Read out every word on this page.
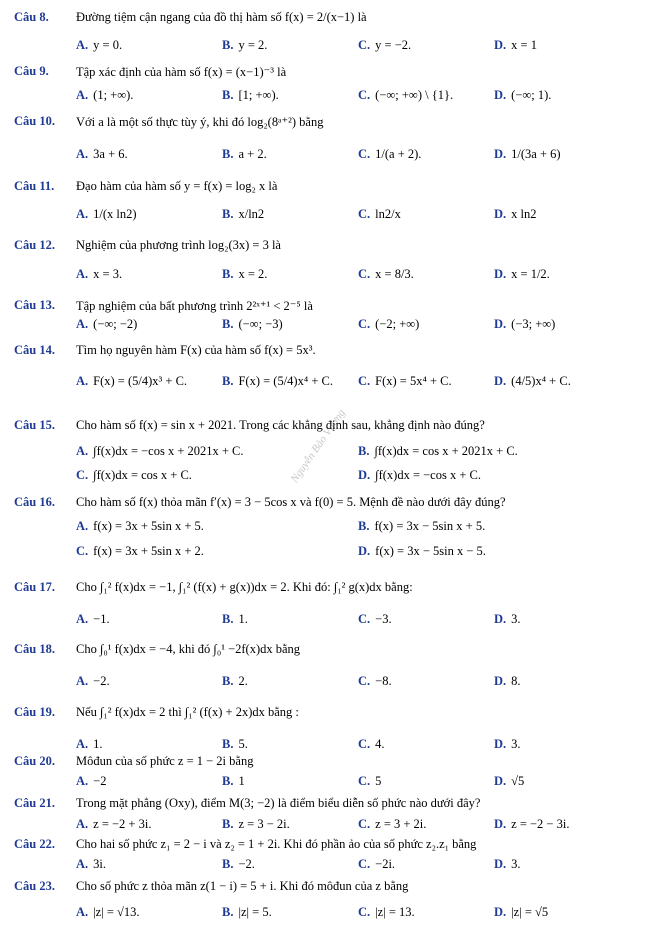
Nguyễn Bảo Vương
Câu 8. Đường tiệm cận ngang của đồ thị hàm số f(x) = 2/(x−1) là
A. y = 0.	B. y = 2.	C. y = −2.	D. x = 1
Câu 9. Tập xác định của hàm số f(x) = (x−1)⁻³ là
A. (1; +∞).	B. [1; +∞).	C. (−∞; +∞) \ {1}.	D. (−∞; 1).
Câu 10. Với a là một số thực tùy ý, khi đó log₂(8ᵃ⁺²) bằng
A. 3a + 6.	B. a + 2.	C. 1/(a + 2).	D. 1/(3a + 6)
Câu 11. Đạo hàm của hàm số y = f(x) = log₂ x là
A. 1/(x ln2)	B. x/ln2	C. ln2/x	D. x ln2
Câu 12. Nghiệm của phương trình log₂(3x) = 3 là
A. x = 3.	B. x = 2.	C. x = 8/3.	D. x = 1/2.
Câu 13. Tập nghiệm của bất phương trình 2²ˣ⁺¹ < 2⁻⁵ là
A. (−∞; −2)	B. (−∞; −3)	C. (−2; +∞)	D. (−3; +∞)
Câu 14. Tìm họ nguyên hàm F(x) của hàm số f(x) = 5x³.
A. F(x) = (5/4)x³ + C.	B. F(x) = (5/4)x⁴ + C. C. F(x) = 5x⁴ + C.	D. (4/5)x⁴ + C.
Câu 15. Cho hàm số f(x) = sin x + 2021. Trong các khẳng định sau, khẳng định nào đúng?
A. ∫f(x)dx = −cos x + 2021x + C.	B. ∫f(x)dx = cos x + 2021x + C.
C. ∫f(x)dx = cos x + C.	D. ∫f(x)dx = −cos x + C.
Câu 16. Cho hàm số f(x) thỏa mãn f′(x) = 3 − 5cos x và f(0) = 5. Mệnh đề nào dưới đây đúng?
A. f(x) = 3x + 5sin x + 5.	B. f(x) = 3x − 5sin x + 5.
C. f(x) = 3x + 5sin x + 2.	D. f(x) = 3x − 5sin x − 5.
Câu 17. Cho ∫₁² f(x)dx = −1, ∫₁² (f(x) + g(x))dx = 2. Khi đó: ∫₁² g(x)dx bằng:
A. −1.	B. 1.	C. −3.	D. 3.
Câu 18. Cho ∫₀¹ f(x)dx = −4, khi đó ∫₀¹ −2f(x)dx bằng
A. −2.	B. 2.	C. −8.	D. 8.
Câu 19. Nếu ∫₁² f(x)dx = 2 thì ∫₁² (f(x) + 2x)dx bằng :
A. 1.	B. 5.	C. 4.	D. 3.
Câu 20. Môđun của số phức z = 1 − 2i bằng
A. −2	B. 1	C. 5	D. √5
Câu 21. Trong mặt phẳng (Oxy), điểm M(3; −2) là điểm biểu diễn số phức nào dưới đây?
A. z = −2 + 3i.	B. z = 3 − 2i.	C. z = 3 + 2i.	D. z = −2 − 3i.
Câu 22. Cho hai số phức z₁ = 2 − i và z₂ = 1 + 2i. Khi đó phần ảo của số phức z₂.z₁ bằng
A. 3i.	B. −2.	C. −2i.	D. 3.
Câu 23. Cho số phức z thỏa mãn z(1 − i) = 5 + i. Khi đó môđun của z bằng
A. |z| = √13.	B. |z| = 5.	C. |z| = 13.	D. |z| = √5
